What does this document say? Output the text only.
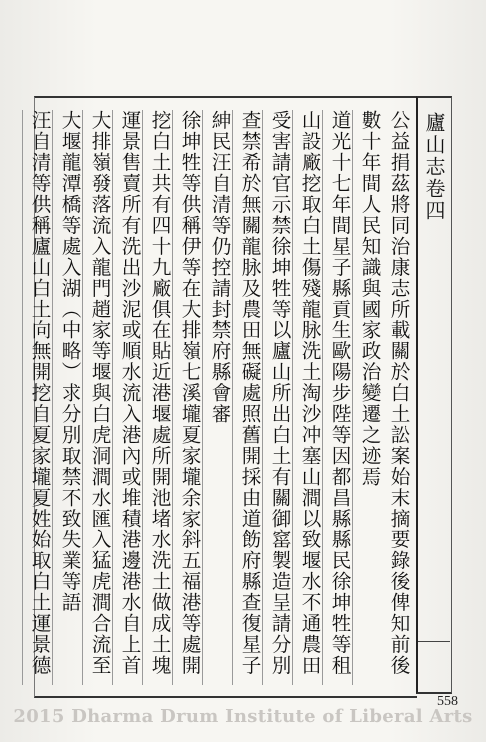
廬山志卷四
公益捐茲將同治康志所載關於白土訟案始末摘要錄後俾知前後
數十年間人民知識與國家政治變遷之迹焉
道光十七年間星子縣貢生歐陽步陛等因都昌縣縣民徐坤牲等租
山設廠挖取白土傷殘龍脉洗土淘沙冲塞山澗以致堰水不通農田
受害請官示禁徐坤牲等以廬山所出白土有關御窰製造呈請分別
查禁希於無關龍脉及農田無礙處照舊開採由道飭府縣查復星子
紳民汪自清等仍控請封禁府縣會審
徐坤牲等供稱伊等在大排嶺七溪壠夏家壠余家斜五福港等處開
挖白土共有四十九廠俱在貼近港堰處所開池堵水洗土做成土塊
運景售賣所有洗出沙泥或順水流入港內或堆積港邊港水自上首
大排嶺發落流入龍門趙家等堰與白虎洞澗水匯入猛虎澗合流至
大堰龍潭橋等處入湖（中略）求分別取禁不致失業等語
汪自清等供稱廬山白土向無開挖自夏家壠夏姓始取白土運景德
558
2015 Dharma Drum Institute of Liberal Arts
